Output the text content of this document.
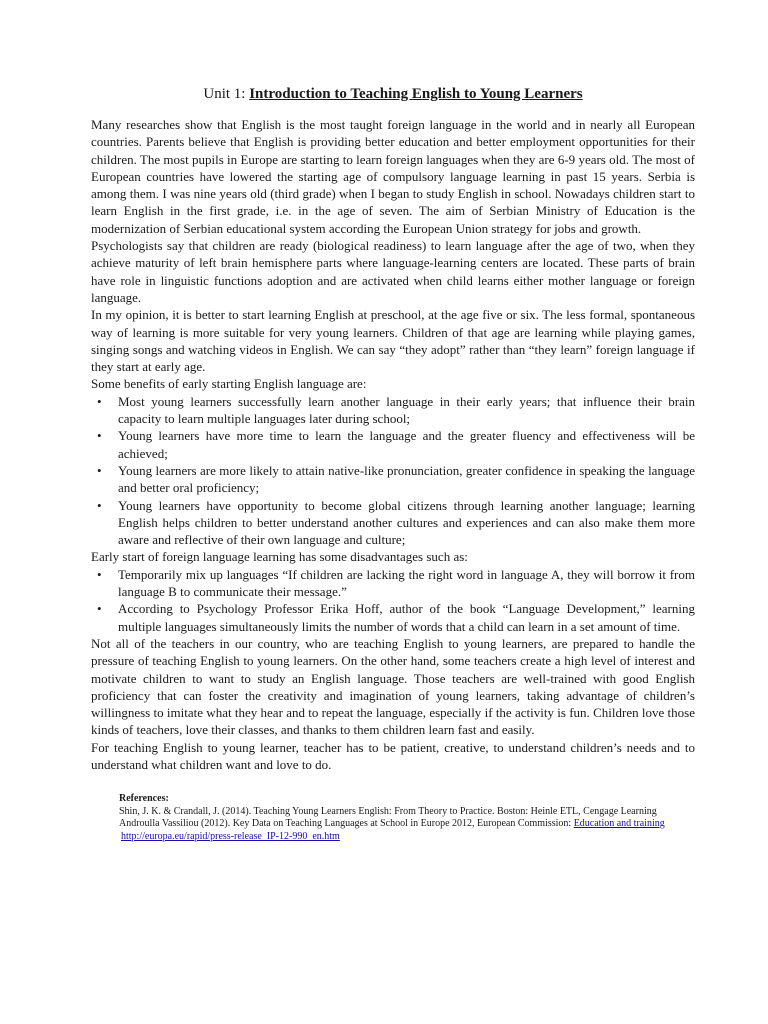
Unit 1: Introduction to Teaching English to Young Learners

Many researches show that English is the most taught foreign language in the world and in nearly all European countries. Parents believe that English is providing better education and better employment opportunities for their children. The most pupils in Europe are starting to learn foreign languages when they are 6-9 years old. The most of European countries have lowered the starting age of compulsory language learning in past 15 years. Serbia is among them. I was nine years old (third grade) when I began to study English in school. Nowadays children start to learn English in the first grade, i.e. in the age of seven. The aim of Serbian Ministry of Education is the modernization of Serbian educational system according the European Union strategy for jobs and growth.

Psychologists say that children are ready (biological readiness) to learn language after the age of two, when they achieve maturity of left brain hemisphere parts where language-learning centers are located. These parts of brain have role in linguistic functions adoption and are activated when child learns either mother language or foreign language.

In my opinion, it is better to start learning English at preschool, at the age five or six. The less formal, spontaneous way of learning is more suitable for very young learners. Children of that age are learning while playing games, singing songs and watching videos in English. We can say “they adopt” rather than “they learn” foreign language if they start at early age.

Some benefits of early starting English language are:

• Most young learners successfully learn another language in their early years; that influence their brain capacity to learn multiple languages later during school;
• Young learners have more time to learn the language and the greater fluency and effectiveness will be achieved;
• Young learners are more likely to attain native-like pronunciation, greater confidence in speaking the language and better oral proficiency;
• Young learners have opportunity to become global citizens through learning another language; learning English helps children to better understand another cultures and experiences and can also make them more aware and reflective of their own language and culture;

Early start of foreign language learning has some disadvantages such as:

• Temporarily mix up languages “If children are lacking the right word in language A, they will borrow it from language B to communicate their message.”
• According to Psychology Professor Erika Hoff, author of the book “Language Development,” learning multiple languages simultaneously limits the number of words that a child can learn in a set amount of time.

Not all of the teachers in our country, who are teaching English to young learners, are prepared to handle the pressure of teaching English to young learners. On the other hand, some teachers create a high level of interest and motivate children to want to study an English language. Those teachers are well-trained with good English proficiency that can foster the creativity and imagination of young learners, taking advantage of children’s willingness to imitate what they hear and to repeat the language, especially if the activity is fun. Children love those kinds of teachers, love their classes, and thanks to them children learn fast and easily.

For teaching English to young learner, teacher has to be patient, creative, to understand children’s needs and to understand what children want and love to do.

References:
Shin, J. K. & Crandall, J. (2014). Teaching Young Learners English: From Theory to Practice. Boston: Heinle ETL, Cengage Learning
Androulla Vassiliou (2012). Key Data on Teaching Languages at School in Europe 2012, European Commission: Education and training
http://europa.eu/rapid/press-release_IP-12-990_en.htm
